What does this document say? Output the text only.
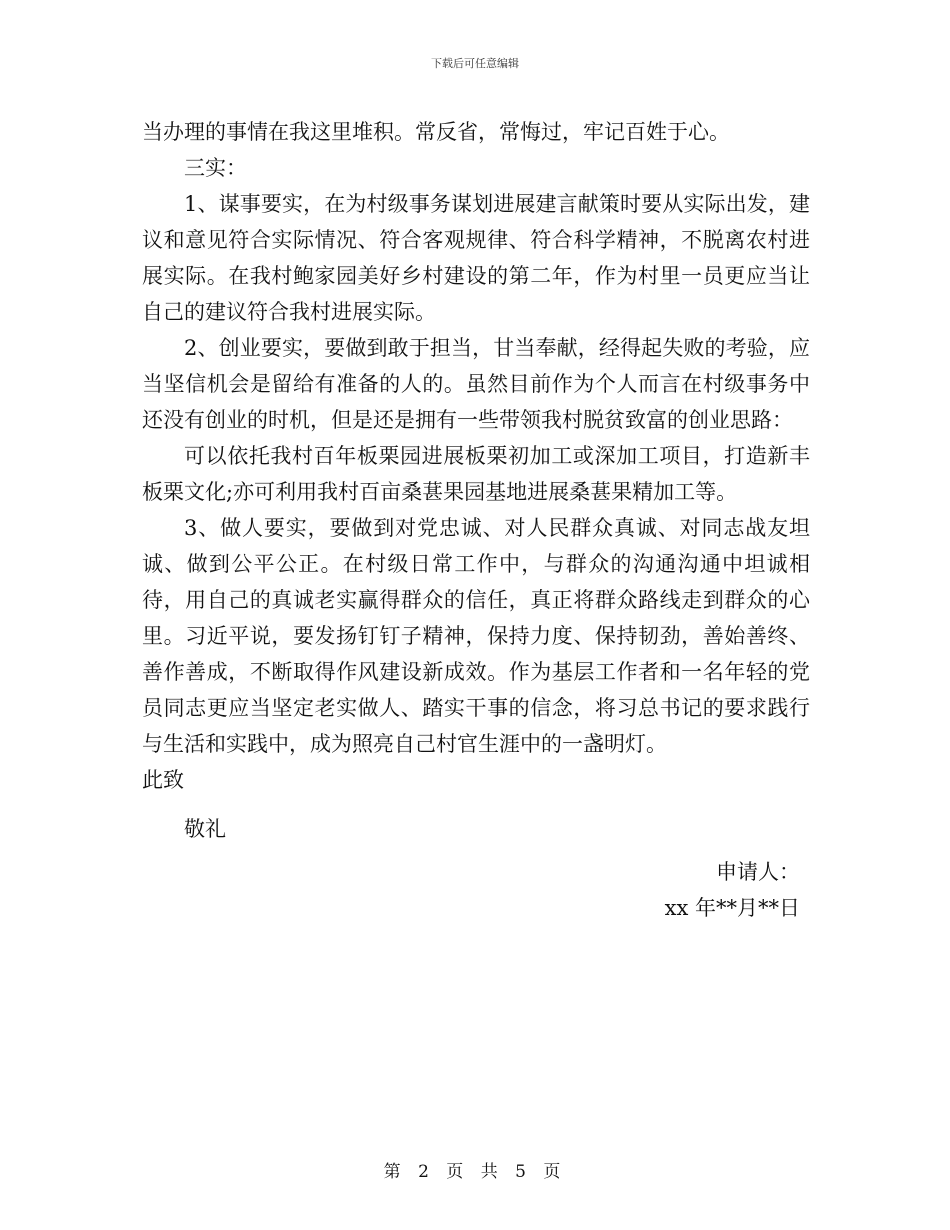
下载后可任意编辑

当办理的事情在我这里堆积。常反省，常悔过，牢记百姓于心。

三实：

1、谋事要实，在为村级事务谋划进展建言献策时要从实际出发，建议和意见符合实际情况、符合客观规律、符合科学精神，不脱离农村进展实际。在我村鲍家园美好乡村建设的第二年，作为村里一员更应当让自己的建议符合我村进展实际。

2、创业要实，要做到敢于担当，甘当奉献，经得起失败的考验，应当坚信机会是留给有准备的人的。虽然目前作为个人而言在村级事务中还没有创业的时机，但是还是拥有一些带领我村脱贫致富的创业思路：

可以依托我村百年板栗园进展板栗初加工或深加工项目，打造新丰板栗文化;亦可利用我村百亩桑葚果园基地进展桑葚果精加工等。

3、做人要实，要做到对党忠诚、对人民群众真诚、对同志战友坦诚、做到公平公正。在村级日常工作中，与群众的沟通沟通中坦诚相待，用自己的真诚老实赢得群众的信任，真正将群众路线走到群众的心里。习近平说，要发扬钉钉子精神，保持力度、保持韧劲，善始善终、善作善成，不断取得作风建设新成效。作为基层工作者和一名年轻的党员同志更应当坚定老实做人、踏实干事的信念，将习总书记的要求践行与生活和实践中，成为照亮自己村官生涯中的一盏明灯。

此致

敬礼

申请人：

xx 年**月**日

第 2 页 共 5 页
